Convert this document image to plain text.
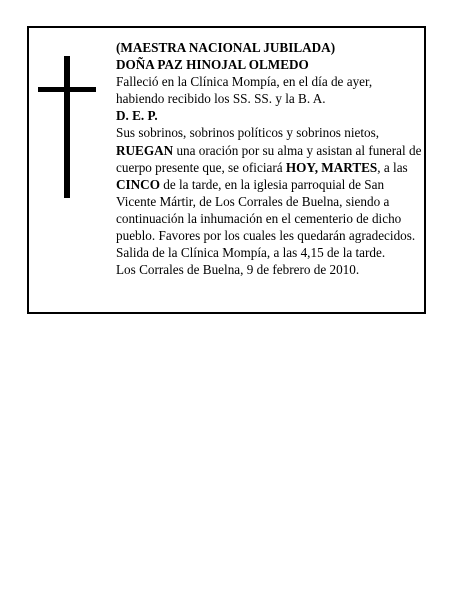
(MAESTRA NACIONAL JUBILADA)

DOÑA PAZ HINOJAL OLMEDO

Falleció en la Clínica Mompía, en el día de ayer, habiendo recibido los SS. SS. y la B. A.

D. E. P.

Sus sobrinos, sobrinos políticos y sobrinos nietos,

RUEGAN una oración por su alma y asistan al funeral de cuerpo presente que, se oficiará HOY, MARTES, a las CINCO de la tarde, en la iglesia parroquial de San Vicente Mártir, de Los Corrales de Buelna, siendo a continuación la inhumación en el cementerio de dicho pueblo. Favores por los cuales les quedarán agradecidos. Salida de la Clínica Mompía, a las 4,15 de la tarde.

Los Corrales de Buelna, 9 de febrero de 2010.
